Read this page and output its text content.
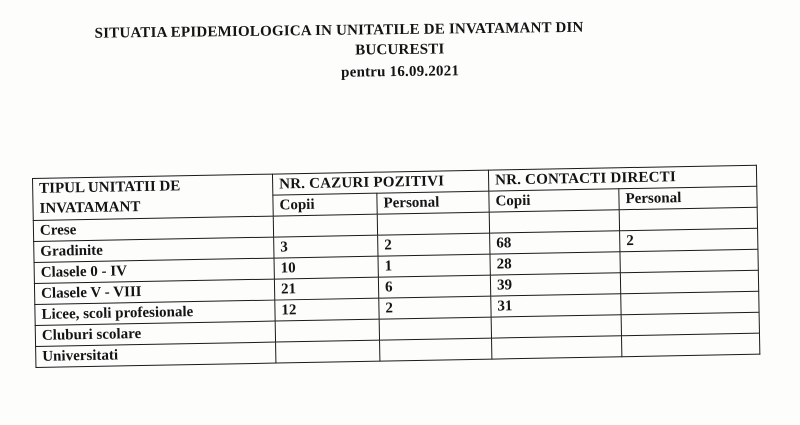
SITUATIA EPIDEMIOLOGICA IN UNITATILE DE INVATAMANT DIN
BUCURESTI
pentru 16.09.2021
TIPUL UNITATII DE
INVATAMANT	NR. CAZURI POZITIVI		NR. CONTACTI DIRECTI	
	Copii	Personal	Copii	Personal
Crese				
Gradinite	3	2	68	2
Clasele 0 - IV	10	1	28	
Clasele V - VIII	21	6	39	
Licee, scoli profesionale	12	2	31	
Cluburi scolare				
Universitati				
